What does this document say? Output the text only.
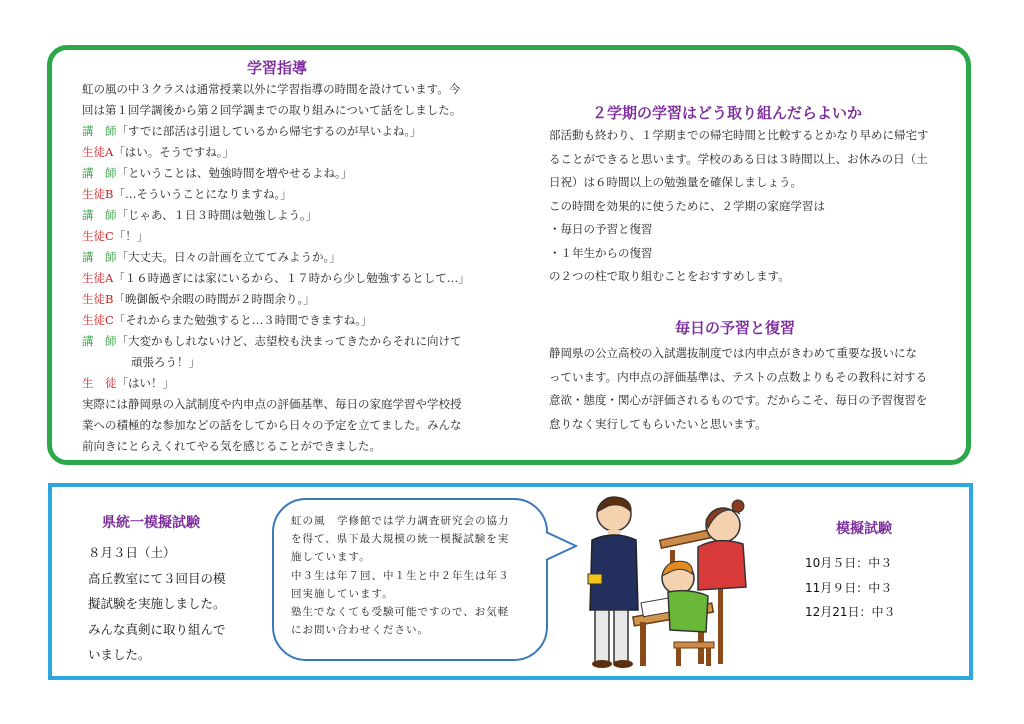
学習指導
虹の風の中３クラスは通常授業以外に学習指導の時間を設けています。今
回は第１回学調後から第２回学調までの取り組みについて話をしました。
講　師「すでに部活は引退しているから帰宅するのが早いよね。」
生徒A「はい。そうですね。」
講　師「ということは、勉強時間を増やせるよね。」
生徒B「…そういうことになりますね。」
講　師「じゃあ、１日３時間は勉強しよう。」
生徒C「！」
講　師「大丈夫。日々の計画を立ててみようか。」
生徒A「１６時過ぎには家にいるから、１７時から少し勉強するとして…」
生徒B「晩御飯や余暇の時間が２時間余り。」
生徒C「それからまた勉強すると…３時間できますね。」
講　師「大変かもしれないけど、志望校も決まってきたからそれに向けて
頑張ろう！」
生　徒「はい！」
実際には静岡県の入試制度や内申点の評価基準、毎日の家庭学習や学校授
業への積極的な参加などの話をしてから日々の予定を立てました。みんな
前向きにとらえくれてやる気を感じることができました。
２学期の学習はどう取り組んだらよいか
部活動も終わり、１学期までの帰宅時間と比較するとかなり早めに帰宅す
ることができると思います。学校のある日は３時間以上、お休みの日（土
日祝）は６時間以上の勉強量を確保しましょう。
この時間を効果的に使うために、２学期の家庭学習は
・毎日の予習と復習
・１年生からの復習
の２つの柱で取り組むことをおすすめします。
毎日の予習と復習
静岡県の公立高校の入試選抜制度では内申点がきわめて重要な扱いにな
っています。内申点の評価基準は、テストの点数よりもその教科に対する
意欲・態度・関心が評価されるものです。だからこそ、毎日の予習復習を
怠りなく実行してもらいたいと思います。
県統一模擬試験
８月３日（土）
高丘教室にて３回目の模
擬試験を実施しました。
みんな真剣に取り組んで
いました。
虹の風　学修館では学力調査研究会の協力
を得て、県下最大規模の統一模擬試験を実
施しています。
中３生は年７回、中１生と中２年生は年３
回実施しています。
塾生でなくても受験可能ですので、お気軽
にお問い合わせください。
模擬試験
10月５日：中３
11月９日：中３
12月21日：中３
